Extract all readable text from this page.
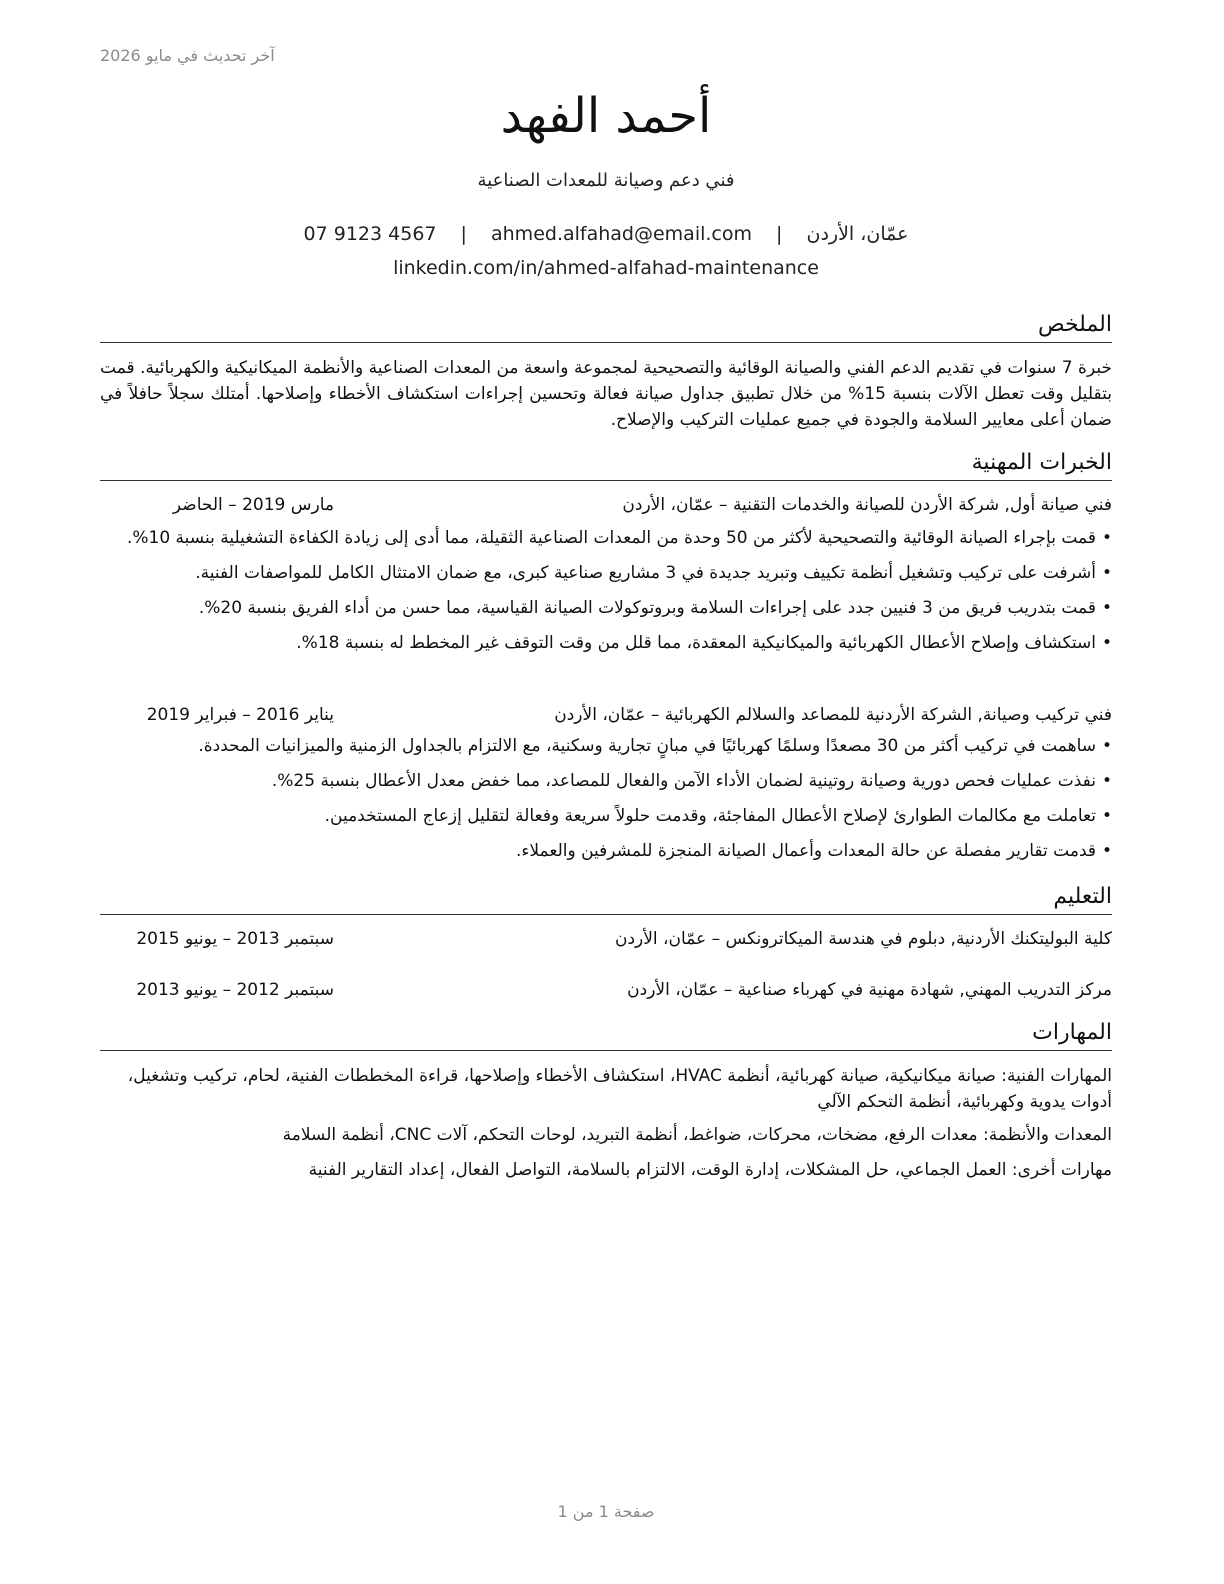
آخر تحديث في مايو 2026
أحمد الفهد
فني دعم وصيانة للمعدات الصناعية
عمّان، الأردن | ahmed.alfahad@email.com | 07 9123 4567
linkedin.com/in/ahmed-alfahad-maintenance
الملخص
خبرة 7 سنوات في تقديم الدعم الفني والصيانة الوقائية والتصحيحية لمجموعة واسعة من المعدات الصناعية والأنظمة الميكانيكية والكهربائية. قمت بتقليل وقت تعطل الآلات بنسبة 15% من خلال تطبيق جداول صيانة فعالة وتحسين إجراءات استكشاف الأخطاء وإصلاحها. أمتلك سجلاً حافلاً في ضمان أعلى معايير السلامة والجودة في جميع عمليات التركيب والإصلاح.
الخبرات المهنية
فني صيانة أول, شركة الأردن للصيانة والخدمات التقنية – عمّان، الأردن
مارس 2019 – الحاضر
• قمت بإجراء الصيانة الوقائية والتصحيحية لأكثر من 50 وحدة من المعدات الصناعية الثقيلة، مما أدى إلى زيادة الكفاءة التشغيلية بنسبة 10%.
• أشرفت على تركيب وتشغيل أنظمة تكييف وتبريد جديدة في 3 مشاريع صناعية كبرى، مع ضمان الامتثال الكامل للمواصفات الفنية.
• قمت بتدريب فريق من 3 فنيين جدد على إجراءات السلامة وبروتوكولات الصيانة القياسية، مما حسن من أداء الفريق بنسبة 20%.
• استكشاف وإصلاح الأعطال الكهربائية والميكانيكية المعقدة، مما قلل من وقت التوقف غير المخطط له بنسبة 18%.
فني تركيب وصيانة, الشركة الأردنية للمصاعد والسلالم الكهربائية – عمّان، الأردن
يناير 2016 – فبراير 2019
• ساهمت في تركيب أكثر من 30 مصعدًا وسلمًا كهربائيًا في مبانٍ تجارية وسكنية، مع الالتزام بالجداول الزمنية والميزانيات المحددة.
• نفذت عمليات فحص دورية وصيانة روتينية لضمان الأداء الآمن والفعال للمصاعد، مما خفض معدل الأعطال بنسبة 25%.
• تعاملت مع مكالمات الطوارئ لإصلاح الأعطال المفاجئة، وقدمت حلولاً سريعة وفعالة لتقليل إزعاج المستخدمين.
• قدمت تقارير مفصلة عن حالة المعدات وأعمال الصيانة المنجزة للمشرفين والعملاء.
التعليم
كلية البوليتكنك الأردنية, دبلوم في هندسة الميكاترونكس – عمّان، الأردن
سبتمبر 2013 – يونيو 2015
مركز التدريب المهني, شهادة مهنية في كهرباء صناعية – عمّان، الأردن
سبتمبر 2012 – يونيو 2013
المهارات
المهارات الفنية: صيانة ميكانيكية، صيانة كهربائية، أنظمة HVAC، استكشاف الأخطاء وإصلاحها، قراءة المخططات الفنية، لحام، تركيب وتشغيل، أدوات يدوية وكهربائية، أنظمة التحكم الآلي
المعدات والأنظمة: معدات الرفع، مضخات، محركات، ضواغط، أنظمة التبريد، لوحات التحكم، آلات CNC، أنظمة السلامة
مهارات أخرى: العمل الجماعي، حل المشكلات، إدارة الوقت، الالتزام بالسلامة، التواصل الفعال، إعداد التقارير الفنية
صفحة 1 من 1
